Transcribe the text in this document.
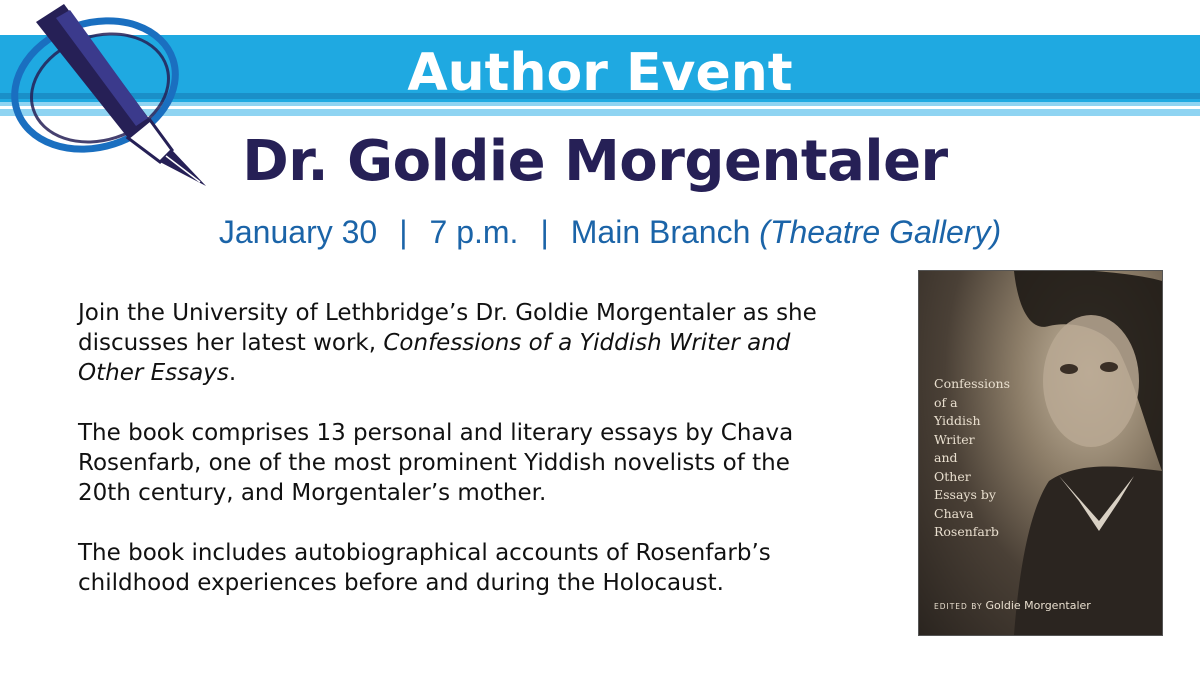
Author Event
Dr. Goldie Morgentaler
January 30 | 7 p.m. | Main Branch (Theatre Gallery)

Join the University of Lethbridge’s Dr. Goldie Morgentaler as she discusses her latest work, Confessions of a Yiddish Writer and Other Essays.

The book comprises 13 personal and literary essays by Chava Rosenfarb, one of the most prominent Yiddish novelists of the 20th century, and Morgentaler’s mother.

The book includes autobiographical accounts of Rosenfarb’s childhood experiences before and during the Holocaust.

Confessions
of a
Yiddish
Writer
and
Other
Essays by
Chava
Rosenfarb
EDITED BY Goldie Morgentaler
